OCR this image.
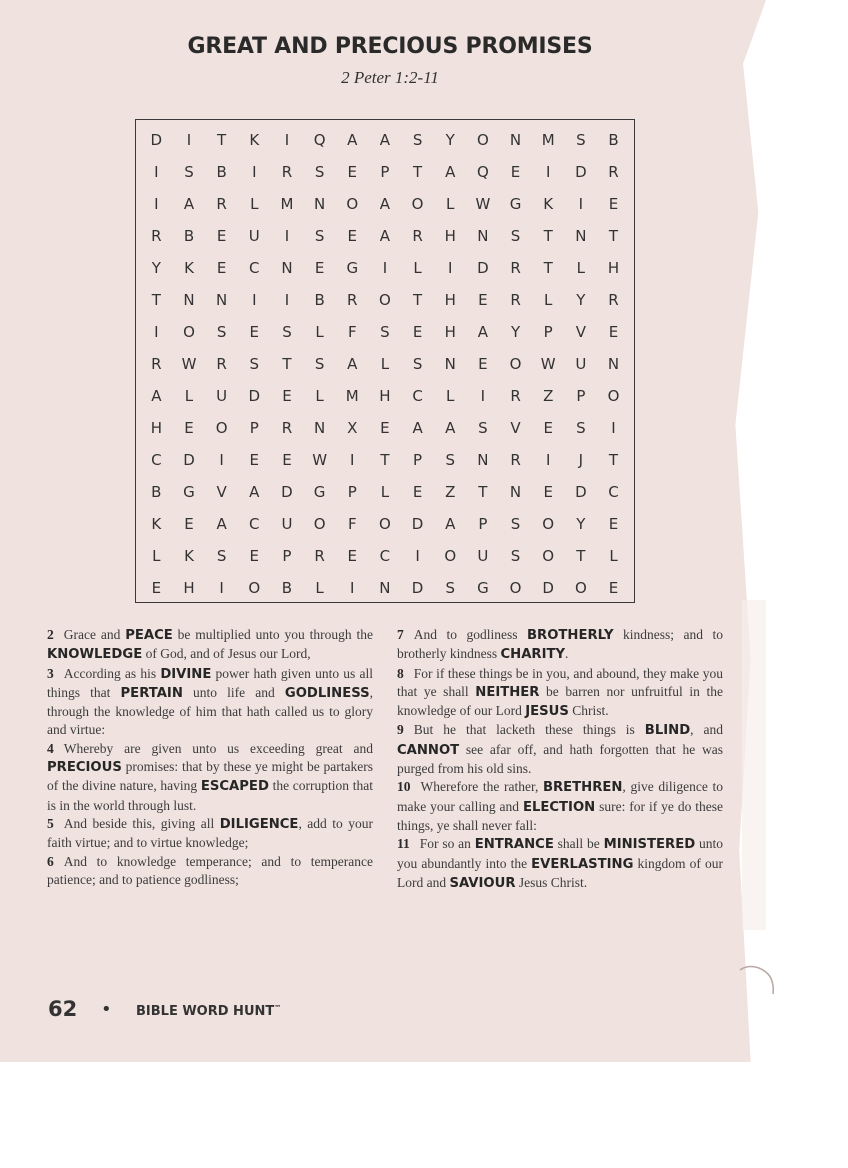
GREAT AND PRECIOUS PROMISES
2 Peter 1:2-11
D	I	T	K	I	Q	A	A	S	Y	O	N	M	S	B
I	S	B	I	R	S	E	P	T	A	Q	E	I	D	R
I	A	R	L	M	N	O	A	O	L	W	G	K	I	E
R	B	E	U	I	S	E	A	R	H	N	S	T	N	T
Y	K	E	C	N	E	G	I	L	I	D	R	T	L	H
T	N	N	I	I	B	R	O	T	H	E	R	L	Y	R
I	O	S	E	S	L	F	S	E	H	A	Y	P	V	E
R	W	R	S	T	S	A	L	S	N	E	O	W	U	N
A	L	U	D	E	L	M	H	C	L	I	R	Z	P	O
H	E	O	P	R	N	X	E	A	A	S	V	E	S	I
C	D	I	E	E	W	I	T	P	S	N	R	I	J	T
B	G	V	A	D	G	P	L	E	Z	T	N	E	D	C
K	E	A	C	U	O	F	O	D	A	P	S	O	Y	E
L	K	S	E	P	R	E	C	I	O	U	S	O	T	L
E	H	I	O	B	L	I	N	D	S	G	O	D	O	E

2 Grace and PEACE be multiplied unto you through the KNOWLEDGE of God, and of Jesus our Lord,

3 According as his DIVINE power hath given unto us all things that PERTAIN unto life and GODLINESS, through the knowledge of him that hath called us to glory and virtue:

4 Whereby are given unto us exceeding great and PRECIOUS promises: that by these ye might be partakers of the divine nature, having ESCAPED the corruption that is in the world through lust.

5 And beside this, giving all DILIGENCE, add to your faith virtue; and to virtue knowledge;

6 And to knowledge temperance; and to temperance patience; and to patience godliness;

7 And to godliness BROTHERLY kindness; and to brotherly kindness CHARITY.

8 For if these things be in you, and abound, they make you that ye shall NEITHER be barren nor unfruitful in the knowledge of our Lord JESUS Christ.

9 But he that lacketh these things is BLIND, and CANNOT see afar off, and hath forgotten that he was purged from his old sins.

10 Wherefore the rather, BRETHREN, give diligence to make your calling and ELECTION sure: for if ye do these things, ye shall never fall:

11 For so an ENTRANCE shall be MINISTERED unto you abundantly into the EVERLASTING kingdom of our Lord and SAVIOUR Jesus Christ.

62 • BIBLE WORD HUNT™
